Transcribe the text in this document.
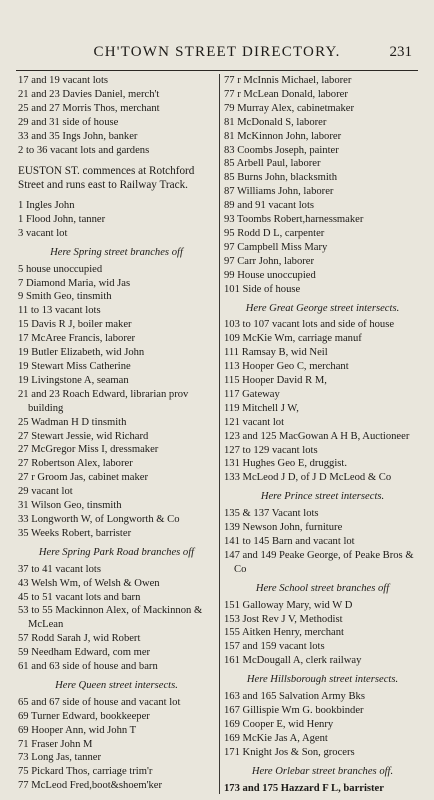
CH'TOWN STREET DIRECTORY.	231
17 and 19 vacant lots
21 and 23 Davies Daniel, merch't
25 and 27 Morris Thos, merchant
29 and 31 side of house
33 and 35 Ings John, banker
2 to 36 vacant lots and gardens
EUSTON ST. commences at Rotchford Street and runs east to Railway Track.
1 Ingles John
1 Flood John, tanner
3 vacant lot
Here Spring street branches off
5 house unoccupied
7 Diamond Maria, wid Jas
9 Smith Geo, tinsmith
11 to 13 vacant lots
15 Davis R J, boiler maker
17 McAree Francis, laborer
19 Butler Elizabeth, wid John
19 Stewart Miss Catherine
19 Livingstone A, seaman
21 and 23 Roach Edward, librarian prov building
25 Wadman H D tinsmith
27 Stewart Jessie, wid Richard
27 McGregor Miss I, dressmaker
27 Robertson Alex, laborer
27 r Groom Jas, cabinet maker
29 vacant lot
31 Wilson Geo, tinsmith
33 Longworth W, of Longworth & Co
35 Weeks Robert, barrister
Here Spring Park Road branches off
37 to 41 vacant lots
43 Welsh Wm, of Welsh & Owen
45 to 51 vacant lots and barn
53 to 55 Mackinnon Alex, of Mackinnon & McLean
57 Rodd Sarah J, wid Robert
59 Needham Edward, com mer
61 and 63 side of house and barn
Here Queen street intersects.
65 and 67 side of house and vacant lot
69 Turner Edward, bookkeeper
69 Hooper Ann, wid John T
71 Fraser John M
73 Long Jas, tanner
75 Pickard Thos, carriage trim'r
77 McLeod Fred,boot&shoem'ker
77 r McInnis Michael, laborer
77 r McLean Donald, laborer
79 Murray Alex, cabinetmaker
81 McDonald S, laborer
81 McKinnon John, laborer
83 Coombs Joseph, painter
85 Arbell Paul, laborer
85 Burns John, blacksmith
87 Williams John, laborer
89 and 91 vacant lots
93 Toombs Robert,harnessmaker
95 Rodd D L, carpenter
97 Campbell Miss Mary
97 Carr John, laborer
99 House unoccupied
101 Side of house
Here Great George street intersects.
103 to 107 vacant lots and side of house
109 McKie Wm, carriage manuf
111 Ramsay B, wid Neil
113 Hooper Geo C, merchant
115 Hooper David R M,
117 Gateway
119 Mitchell J W,
121 vacant lot
123 and 125 MacGowan A H B, Auctioneer
127 to 129 vacant lots
131 Hughes Geo E, druggist.
133 McLeod J D, of J D McLeod & Co
Here Prince street intersects.
135 & 137 Vacant lots
139 Newson John, furniture
141 to 145 Barn and vacant lot
147 and 149 Peake George, of Peake Bros & Co
Here School street branches off
151 Galloway Mary, wid W D
153 Jost Rev J V, Methodist
155 Aitken Henry, merchant
157 and 159 vacant lots
161 McDougall A, clerk railway
Here Hillsborough street intersects.
163 and 165 Salvation Army Bks
167 Gillispie Wm G. bookbinder
169 Cooper E, wid Henry
169 McKie Jas A, Agent
171 Knight Jos & Son, grocers
Here Orlebar street branches off.
173 and 175 Hazzard F L, barrister
